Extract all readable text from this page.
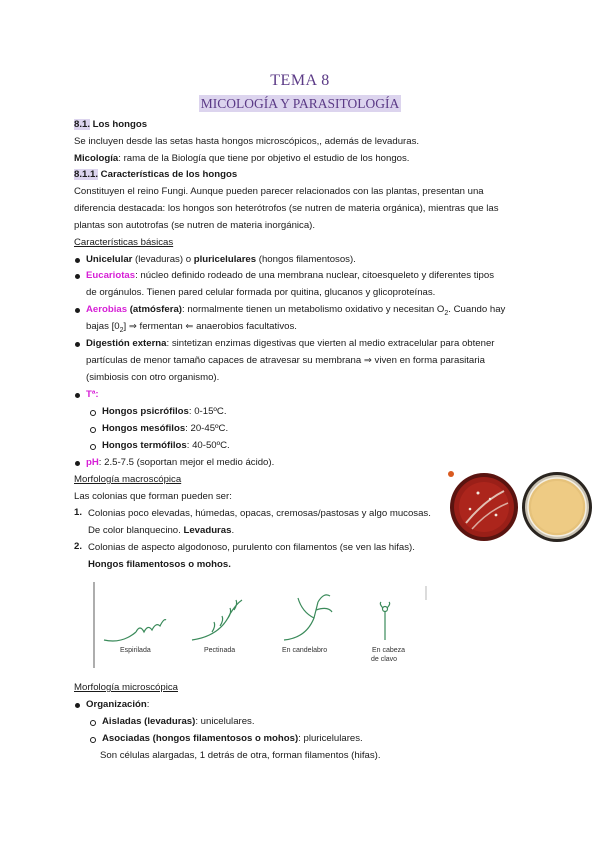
TEMA 8
MICOLOGÍA Y PARASITOLOGÍA
8.1. Los hongos
Se incluyen desde las setas hasta hongos microscópicos,, además de levaduras.
Micología: rama de la Biología que tiene por objetivo el estudio de los hongos.
8.1.1. Características de los hongos
Constituyen el reino Fungi. Aunque pueden parecer relacionados con las plantas, presentan una
diferencia destacada: los hongos son heterótrofos (se nutren de materia orgánica), mientras que las
plantas son autotrofas (se nutren de materia inorgánica).
Características básicas
Unicelular (levaduras) o pluricelulares (hongos filamentosos).
Eucariotas: núcleo definido rodeado de una membrana nuclear, citoesqueleto y diferentes tipos
de orgánulos. Tienen pared celular formada por quitina, glucanos y glicoproteínas.
Aerobias (atmósfera): normalmente tienen un metabolismo oxidativo y necesitan $O_2$. Cuando hay
bajas $[0_2]$ ⇒ fermentan ⇐ anaerobios facultativos.
Digestión externa: sintetizan enzimas digestivas que vierten al medio extracelular para obtener
partículas de menor tamaño capaces de atravesar su membrana ⇒ viven en forma parasitaria
(simbiosis con otro organismo).
Tª:
Hongos psicrófilos: 0-15ºC.
Hongos mesófilos: 20-45ºC.
Hongos termófilos: 40-50ºC.
pH: 2.5-7.5 (soportan mejor el medio ácido).
Morfología macroscópica
Las colonias que forman pueden ser:
1. Colonias poco elevadas, húmedas, opacas, cremosas/pastosas y algo mucosas.
De color blanquecino. Levaduras.
2. Colonias de aspecto algodonoso, purulento con filamentos (se ven las hifas).
Hongos filamentosos o mohos.
Espirilada	Pectinada	En candelabro	En cabeza
de clavo
Morfología microscópica
Organización:
Aisladas (levaduras): unicelulares.
Asociadas (hongos filamentosos o mohos): pluricelulares.
Son células alargadas, 1 detrás de otra, forman filamentos (hifas).
